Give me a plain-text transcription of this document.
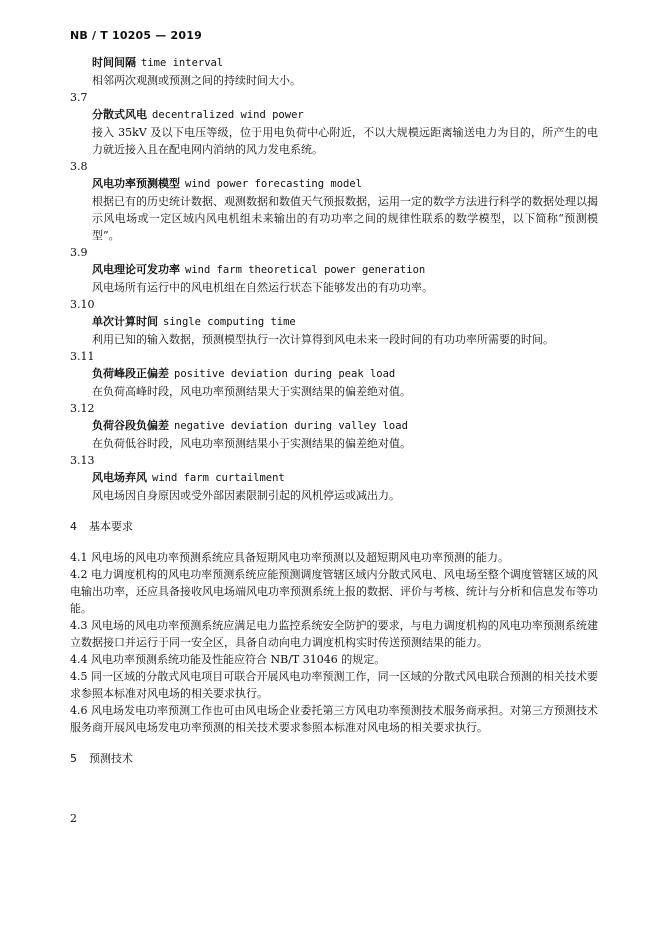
NB / T 10205 — 2019
时间间隔 time interval
相邻两次观测或预测之间的持续时间大小。
3.7
分散式风电 decentralized wind power
接入 35kV 及以下电压等级，位于用电负荷中心附近，不以大规模远距离输送电力为目的，所产生的电力就近接入且在配电网内消纳的风力发电系统。
3.8
风电功率预测模型 wind power forecasting model
根据已有的历史统计数据、观测数据和数值天气预报数据，运用一定的数学方法进行科学的数据处理以揭示风电场或一定区域内风电机组未来输出的有功功率之间的规律性联系的数学模型，以下简称“预测模型”。
3.9
风电理论可发功率 wind farm theoretical power generation
风电场所有运行中的风电机组在自然运行状态下能够发出的有功功率。
3.10
单次计算时间 single computing time
利用已知的输入数据，预测模型执行一次计算得到风电未来一段时间的有功功率所需要的时间。
3.11
负荷峰段正偏差 positive deviation during peak load
在负荷高峰时段，风电功率预测结果大于实测结果的偏差绝对值。
3.12
负荷谷段负偏差 negative deviation during valley load
在负荷低谷时段，风电功率预测结果小于实测结果的偏差绝对值。
3.13
风电场弃风 wind farm curtailment
风电场因自身原因或受外部因素限制引起的风机停运或减出力。
4 基本要求
4.1 风电场的风电功率预测系统应具备短期风电功率预测以及超短期风电功率预测的能力。
4.2 电力调度机构的风电功率预测系统应能预测调度管辖区域内分散式风电、风电场至整个调度管辖区域的风电输出功率，还应具备接收风电场端风电功率预测系统上报的数据、评价与考核、统计与分析和信息发布等功能。
4.3 风电场的风电功率预测系统应满足电力监控系统安全防护的要求，与电力调度机构的风电功率预测系统建立数据接口并运行于同一安全区，具备自动向电力调度机构实时传送预测结果的能力。
4.4 风电功率预测系统功能及性能应符合 NB/T 31046 的规定。
4.5 同一区域的分散式风电项目可联合开展风电功率预测工作，同一区域的分散式风电联合预测的相关技术要求参照本标准对风电场的相关要求执行。
4.6 风电场发电功率预测工作也可由风电场企业委托第三方风电功率预测技术服务商承担。对第三方预测技术服务商开展风电场发电功率预测的相关技术要求参照本标准对风电场的相关要求执行。
5 预测技术
2
